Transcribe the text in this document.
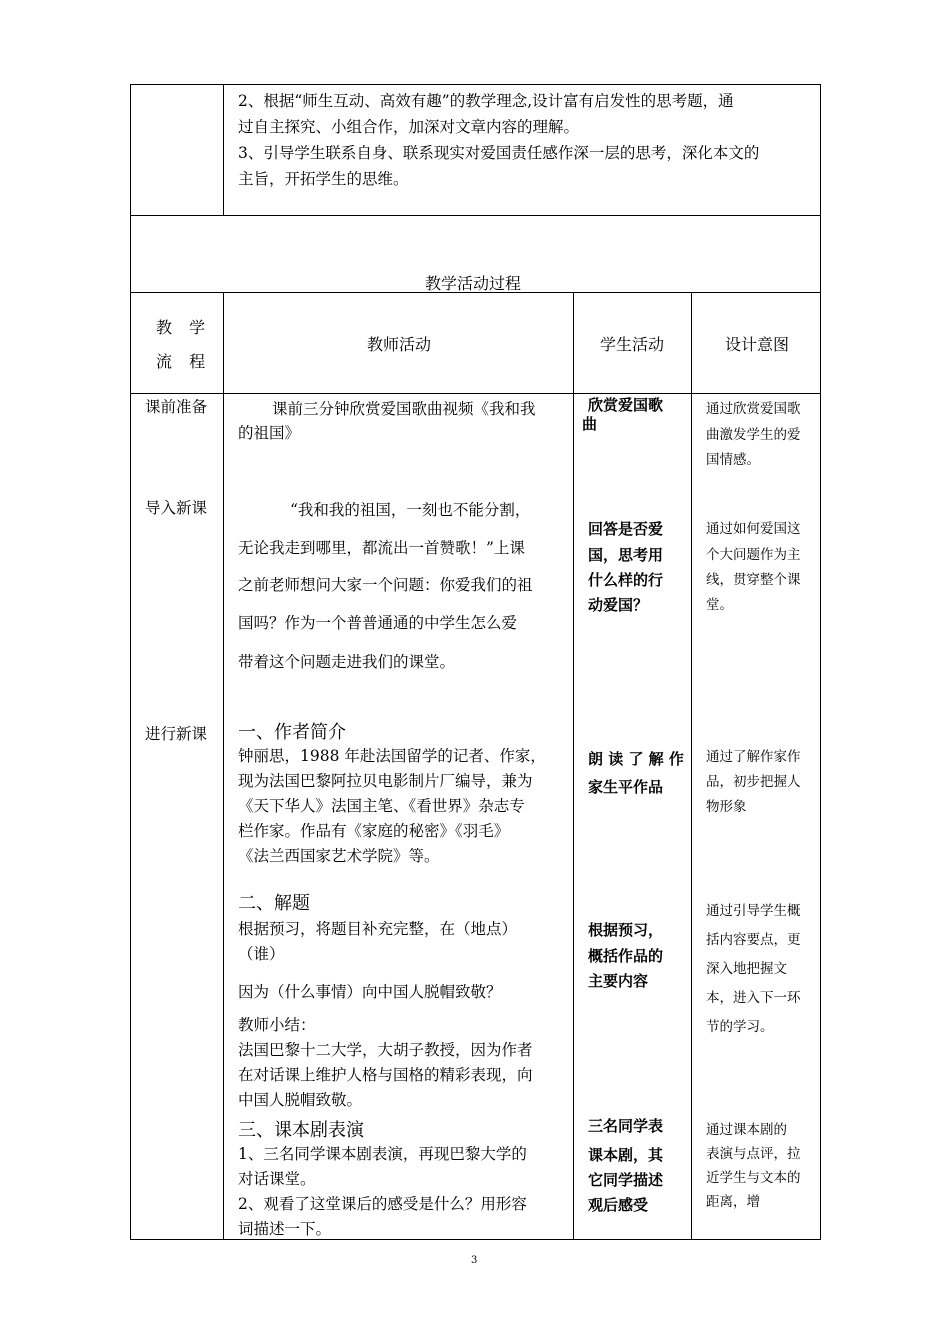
2、根据“师生互动、高效有趣”的教学理念,设计富有启发性的思考题，通
过自主探究、小组合作，加深对文章内容的理解。
3、引导学生联系自身、联系现实对爱国责任感作深一层的思考，深化本文的
主旨，开拓学生的思维。
教学活动过程
教 学
流 程
教师活动	学生活动	设计意图
课前准备
导入新课
进行新课
课前三分钟欣赏爱国歌曲视频《我和我
的祖国》
“我和我的祖国，一刻也不能分割，
无论我走到哪里，都流出一首赞歌！”上课
之前老师想问大家一个问题：你爱我们的祖
国吗？作为一个普普通通的中学生怎么爱
带着这个问题走进我们的课堂。
一、作者简介
钟丽思，1988 年赴法国留学的记者、作家，
现为法国巴黎阿拉贝电影制片厂编导，兼为
《天下华人》法国主笔、《看世界》杂志专
栏作家。作品有《家庭的秘密》《羽毛》
《法兰西国家艺术学院》等。
二、解题
根据预习，将题目补充完整，在（地点）
（谁）
因为（什么事情）向中国人脱帽致敬？
教师小结：
法国巴黎十二大学，大胡子教授，因为作者
在对话课上维护人格与国格的精彩表现，向
中国人脱帽致敬。
三、课本剧表演
1、三名同学课本剧表演，再现巴黎大学的
对话课堂。
2、观看了这堂课后的感受是什么？用形容
词描述一下。
欣赏爱国歌
曲
回答是否爱
国，思考用
什么样的行
动爱国？
朗 读 了 解 作
家生平作品
根据预习，
概括作品的
主要内容
三名同学表
课本剧，其
它同学描述
观后感受
通过欣赏爱国歌
曲激发学生的爱
国情感。
通过如何爱国这
个大问题作为主
线，贯穿整个课
堂。
通过了解作家作
品，初步把握人
物形象
通过引导学生概
括内容要点，更
深入地把握文
本，进入下一环
节的学习。
通过课本剧的
表演与点评，拉
近学生与文本的
距离，增
3
